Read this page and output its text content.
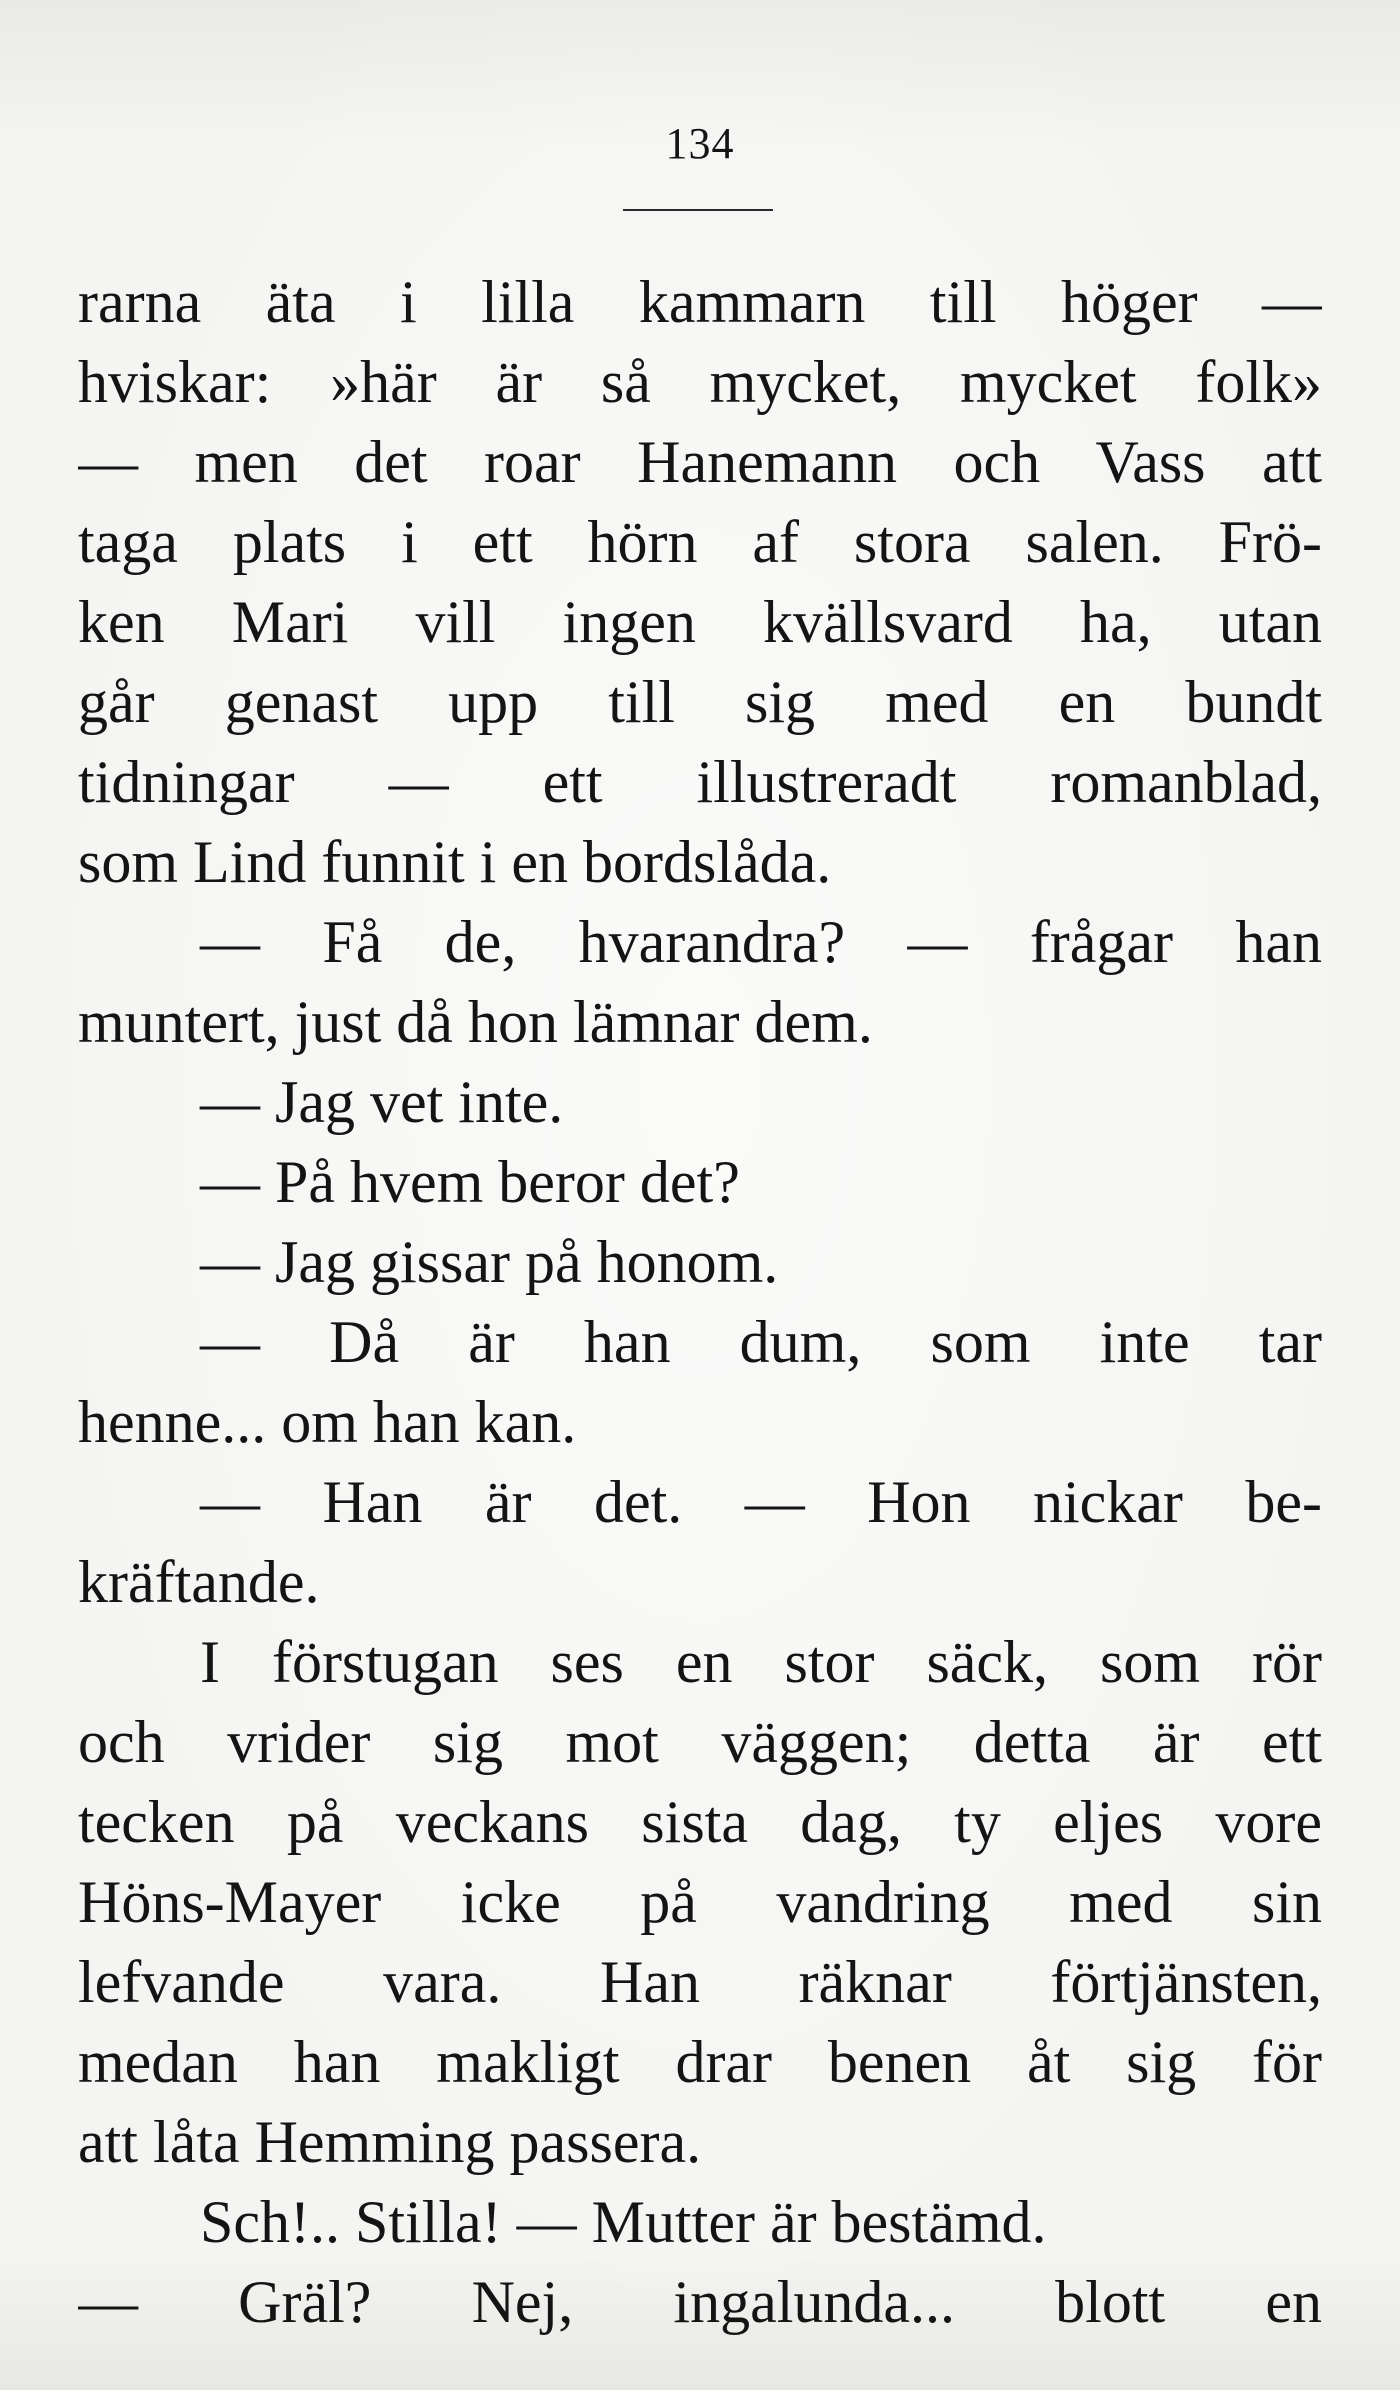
134
rarna äta i lilla kammarn till höger —
hviskar: »här är så mycket, mycket folk»
— men det roar Hanemann och Vass att
taga plats i ett hörn af stora salen. Frö-
ken Mari vill ingen kvällsvard ha, utan
går genast upp till sig med en bundt
tidningar — ett illustreradt romanblad,
som Lind funnit i en bordslåda.
— Få de, hvarandra? — frågar han
muntert, just då hon lämnar dem.
— Jag vet inte.
— På hvem beror det?
— Jag gissar på honom.
— Då är han dum, som inte tar
henne... om han kan.
— Han är det. — Hon nickar be-
kräftande.
I förstugan ses en stor säck, som rör
och vrider sig mot väggen; detta är ett
tecken på veckans sista dag, ty eljes vore
Höns-Mayer icke på vandring med sin
lefvande vara. Han räknar förtjänsten,
medan han makligt drar benen åt sig för
att låta Hemming passera.
Sch!.. Stilla! — Mutter är bestämd.
— Gräl? Nej, ingalunda... blott en
